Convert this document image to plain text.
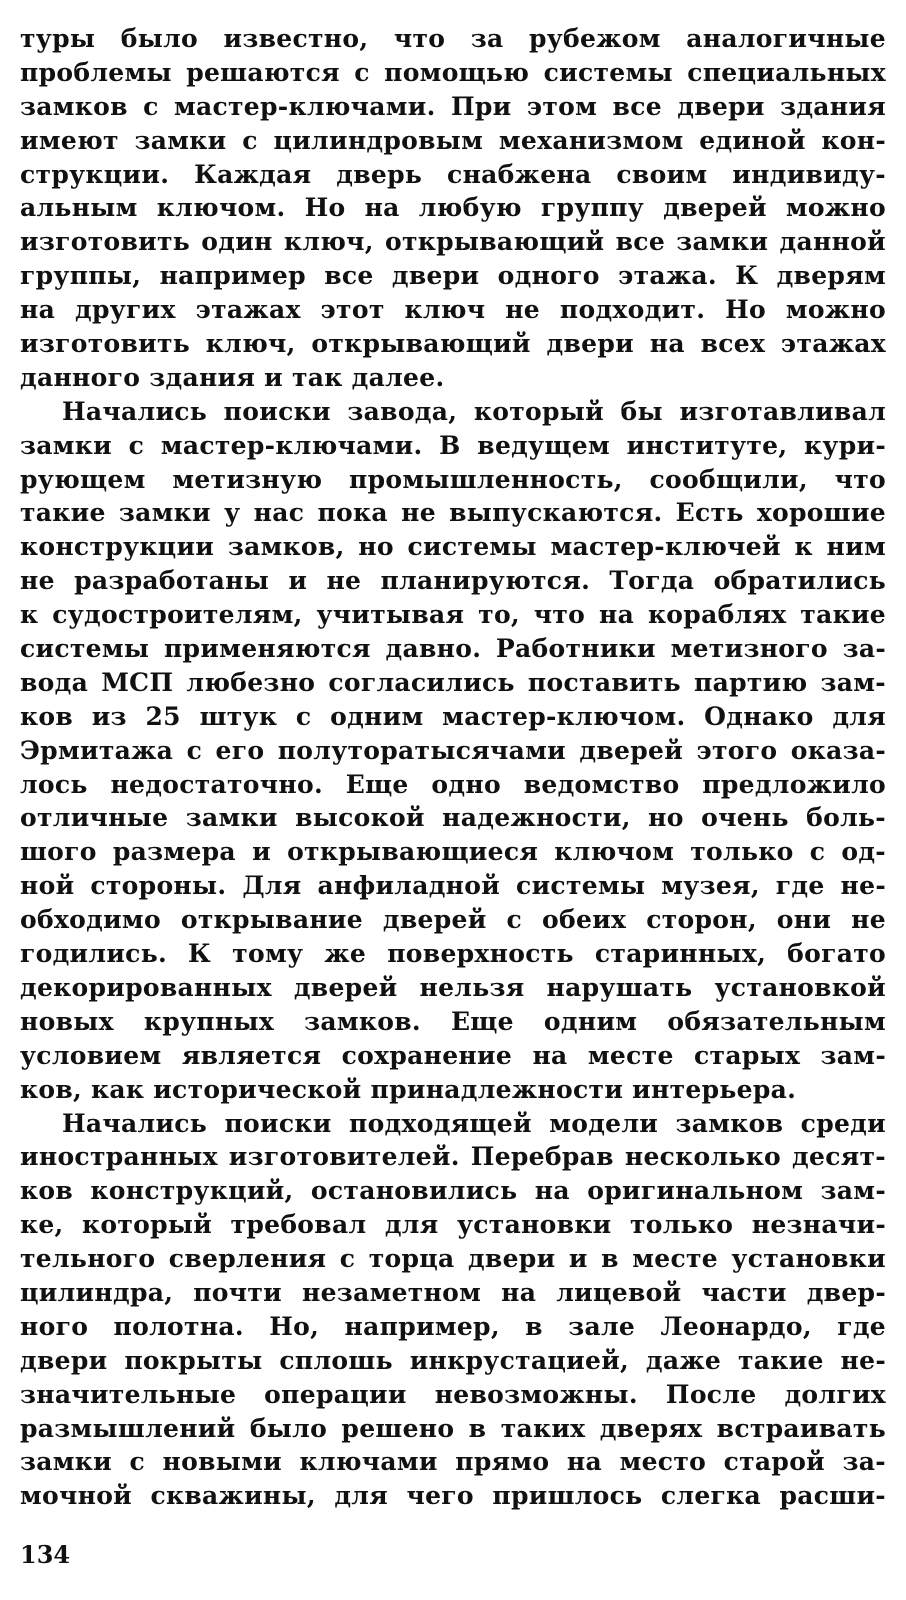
туры было известно, что за рубежом аналогичные
проблемы решаются с помощью системы специальных
замков с мастер-ключами. При этом все двери здания
имеют замки с цилиндровым механизмом единой кон-
струкции. Каждая дверь снабжена своим индивиду-
альным ключом. Но на любую группу дверей можно
изготовить один ключ, открывающий все замки данной
группы, например все двери одного этажа. К дверям
на других этажах этот ключ не подходит. Но можно
изготовить ключ, открывающий двери на всех этажах
данного здания и так далее.
Начались поиски завода, который бы изготавливал
замки с мастер-ключами. В ведущем институте, кури-
рующем метизную промышленность, сообщили, что
такие замки у нас пока не выпускаются. Есть хорошие
конструкции замков, но системы мастер-ключей к ним
не разработаны и не планируются. Тогда обратились
к судостроителям, учитывая то, что на кораблях такие
системы применяются давно. Работники метизного за-
вода МСП любезно согласились поставить партию зам-
ков из 25 штук с одним мастер-ключом. Однако для
Эрмитажа с его полуторатысячами дверей этого оказа-
лось недостаточно. Еще одно ведомство предложило
отличные замки высокой надежности, но очень боль-
шого размера и открывающиеся ключом только с од-
ной стороны. Для анфиладной системы музея, где не-
обходимо открывание дверей с обеих сторон, они не
годились. К тому же поверхность старинных, богато
декорированных дверей нельзя нарушать установкой
новых крупных замков. Еще одним обязательным
условием является сохранение на месте старых зам-
ков, как исторической принадлежности интерьера.
Начались поиски подходящей модели замков среди
иностранных изготовителей. Перебрав несколько десят-
ков конструкций, остановились на оригинальном зам-
ке, который требовал для установки только незначи-
тельного сверления с торца двери и в месте установки
цилиндра, почти незаметном на лицевой части двер-
ного полотна. Но, например, в зале Леонардо, где
двери покрыты сплошь инкрустацией, даже такие не-
значительные операции невозможны. После долгих
размышлений было решено в таких дверях встраивать
замки с новыми ключами прямо на место старой за-
мочной скважины, для чего пришлось слегка расши-
134
